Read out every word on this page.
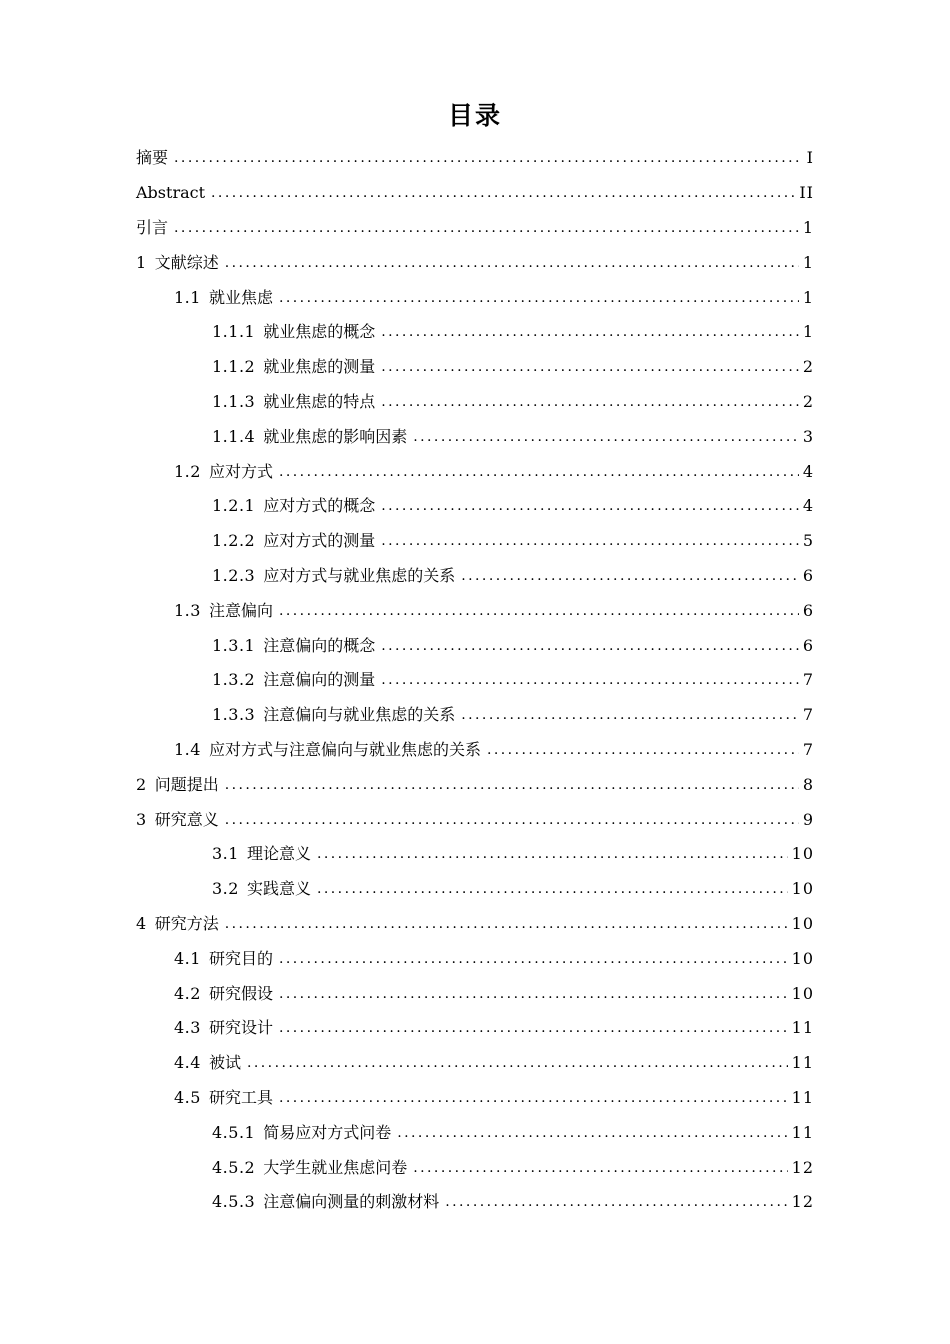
目录
摘要 . . .	I
Abstract . . .	II
引言 . . .	1
1 文献综述 . . .	1
1.1 就业焦虑 . . .	1
1.1.1 就业焦虑的概念 . . .	1
1.1.2 就业焦虑的测量 . . .	2
1.1.3 就业焦虑的特点 . . .	2
1.1.4 就业焦虑的影响因素 . . .	3
1.2 应对方式 . . .	4
1.2.1 应对方式的概念 . . .	4
1.2.2 应对方式的测量 . . .	5
1.2.3 应对方式与就业焦虑的关系 . . .	6
1.3 注意偏向 . . .	6
1.3.1 注意偏向的概念 . . .	6
1.3.2 注意偏向的测量 . . .	7
1.3.3 注意偏向与就业焦虑的关系 . . .	7
1.4 应对方式与注意偏向与就业焦虑的关系 . . .	7
2 问题提出 . . .	8
3 研究意义 . . .	9
3.1 理论意义 . . .	10
3.2 实践意义 . . .	10
4 研究方法 . . .	10
4.1 研究目的 . . .	10
4.2 研究假设 . . .	10
4.3 研究设计 . . .	11
4.4 被试 . . .	11
4.5 研究工具 . . .	11
4.5.1 简易应对方式问卷 . . .	11
4.5.2 大学生就业焦虑问卷 . . .	12
4.5.3 注意偏向测量的刺激材料 . . .	12
